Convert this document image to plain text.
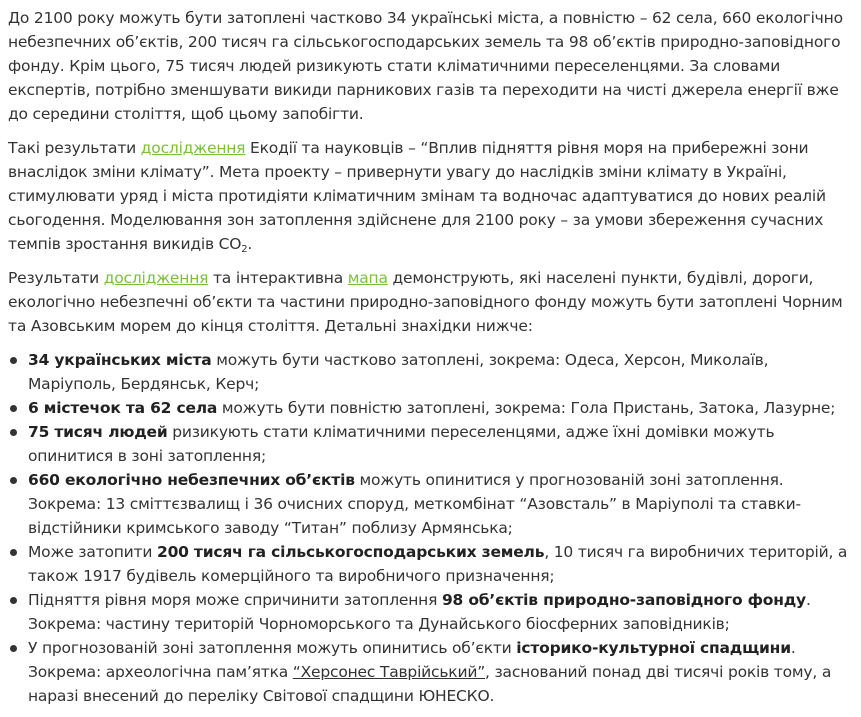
До 2100 року можуть бути затоплені частково 34 українські міста, а повністю – 62 села, 660 екологічно небезпечних об’єктів, 200 тисяч га сільськогосподарських земель та 98 об’єктів природно-заповідного фонду. Крім цього, 75 тисяч людей ризикують стати кліматичними переселенцями. За словами експертів, потрібно зменшувати викиди парникових газів та переходити на чисті джерела енергії вже до середини століття, щоб цьому запобігти.

Такі результати дослідження Екодії та науковців – “Вплив підняття рівня моря на прибережні зони внаслідок зміни клімату”. Мета проекту – привернути увагу до наслідків зміни клімату в Україні, стимулювати уряд і міста протидіяти кліматичним змінам та водночас адаптуватися до нових реалій сьогодення. Моделювання зон затоплення здійснене для 2100 року – за умови збереження сучасних темпів зростання викидів $CO_2$.

Результати дослідження та інтерактивна мапа демонструють, які населені пункти, будівлі, дороги, екологічно небезпечні об’єкти та частини природно-заповідного фонду можуть бути затоплені Чорним та Азовським морем до кінця століття. Детальні знахідки нижче:

34 українських міста можуть бути частково затоплені, зокрема: Одеса, Херсон, Миколаїв, Маріуполь, Бердянськ, Керч;
6 містечок та 62 села можуть бути повністю затоплені, зокрема: Гола Пристань, Затока, Лазурне;
75 тисяч людей ризикують стати кліматичними переселенцями, адже їхні домівки можуть опинитися в зоні затоплення;
660 екологічно небезпечних об’єктів можуть опинитися у прогнозованій зоні затоплення. Зокрема: 13 сміттєзвалищ і 36 очисних споруд, меткомбінат “Азовсталь” в Маріуполі та ставки-відстійники кримського заводу “Титан” поблизу Армянська;
Може затопити 200 тисяч га сільськогосподарських земель, 10 тисяч га виробничих територій, а також 1917 будівель комерційного та виробничого призначення;
Підняття рівня моря може спричинити затоплення 98 об’єктів природно-заповідного фонду. Зокрема: частину територій Чорноморського та Дунайського біосферних заповідників;
У прогнозованій зоні затоплення можуть опинитись об’єкти історико-культурної спадщини. Зокрема: археологічна пам’ятка “Херсонес Таврійський”, заснований понад дві тисячі років тому, а наразі внесений до переліку Світової спадщини ЮНЕСКО.
